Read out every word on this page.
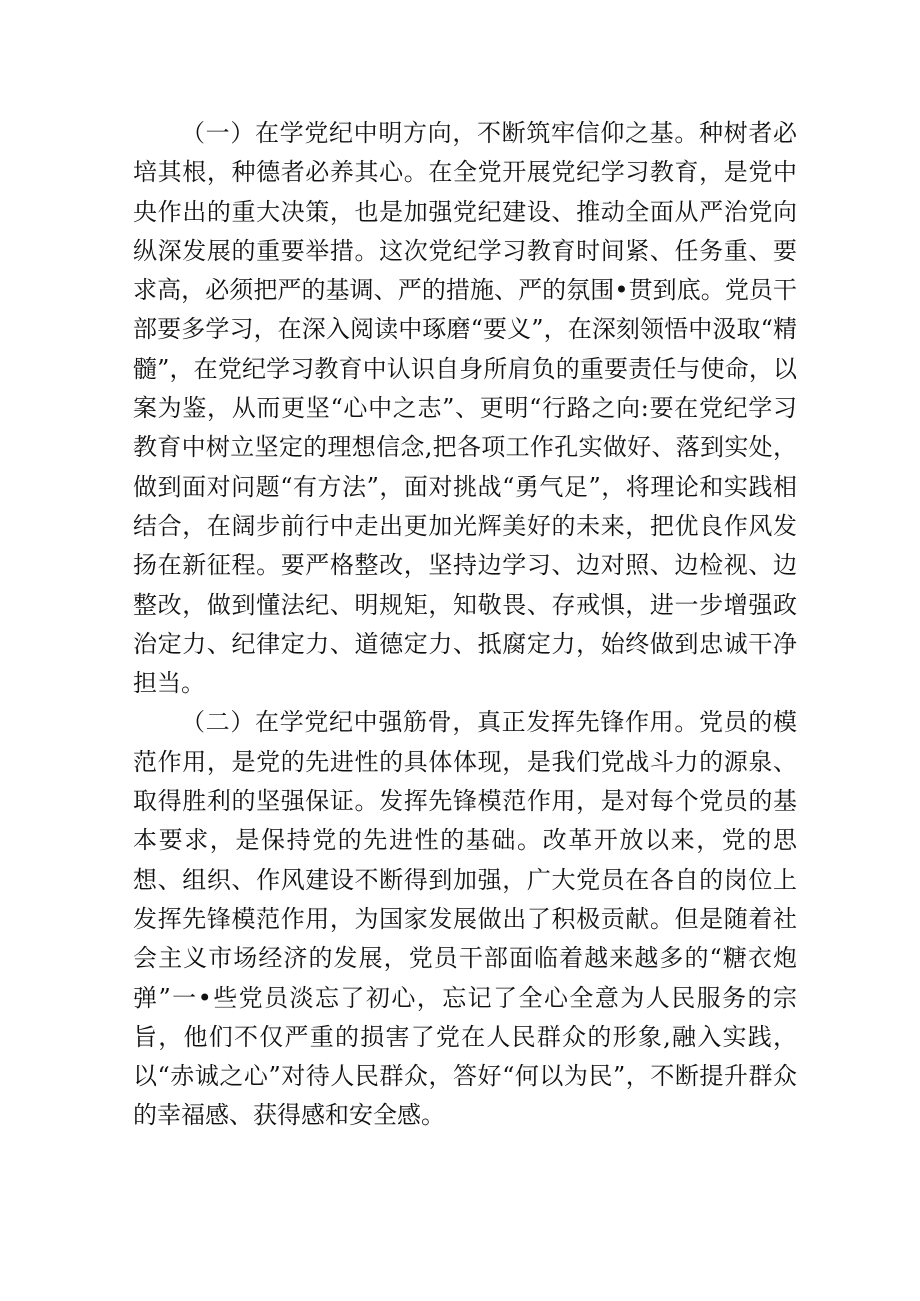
（一）在学党纪中明方向，不断筑牢信仰之基。种树者必培其根，种德者必养其心。在全党开展党纪学习教育，是党中央作出的重大决策，也是加强党纪建设、推动全面从严治党向纵深发展的重要举措。这次党纪学习教育时间紧、任务重、要求高，必须把严的基调、严的措施、严的氛围•贯到底。党员干部要多学习，在深入阅读中琢磨“要义”，在深刻领悟中汲取“精髓”，在党纪学习教育中认识自身所肩负的重要责任与使命，以案为鉴，从而更坚“心中之志”、更明“行路之向:要在党纪学习教育中树立坚定的理想信念,把各项工作孔实做好、落到实处，做到面对问题“有方法”，面对挑战“勇气足”，将理论和实践相结合，在阔步前行中走出更加光辉美好的未来，把优良作风发扬在新征程。要严格整改，坚持边学习、边对照、边检视、边整改，做到懂法纪、明规矩，知敬畏、存戒惧，进一步增强政治定力、纪律定力、道德定力、抵腐定力，始终做到忠诚干净担当。

（二）在学党纪中强筋骨，真正发挥先锋作用。党员的模范作用，是党的先进性的具体体现，是我们党战斗力的源泉、取得胜利的坚强保证。发挥先锋模范作用，是对每个党员的基本要求，是保持党的先进性的基础。改革开放以来，党的思想、组织、作风建设不断得到加强，广大党员在各自的岗位上发挥先锋模范作用，为国家发展做出了积极贡献。但是随着社会主义市场经济的发展，党员干部面临着越来越多的“糖衣炮弹”一•些党员淡忘了初心，忘记了全心全意为人民服务的宗旨，他们不仅严重的损害了党在人民群众的形象,融入实践，以“赤诚之心”对待人民群众，答好“何以为民”，不断提升群众的幸福感、获得感和安全感。
